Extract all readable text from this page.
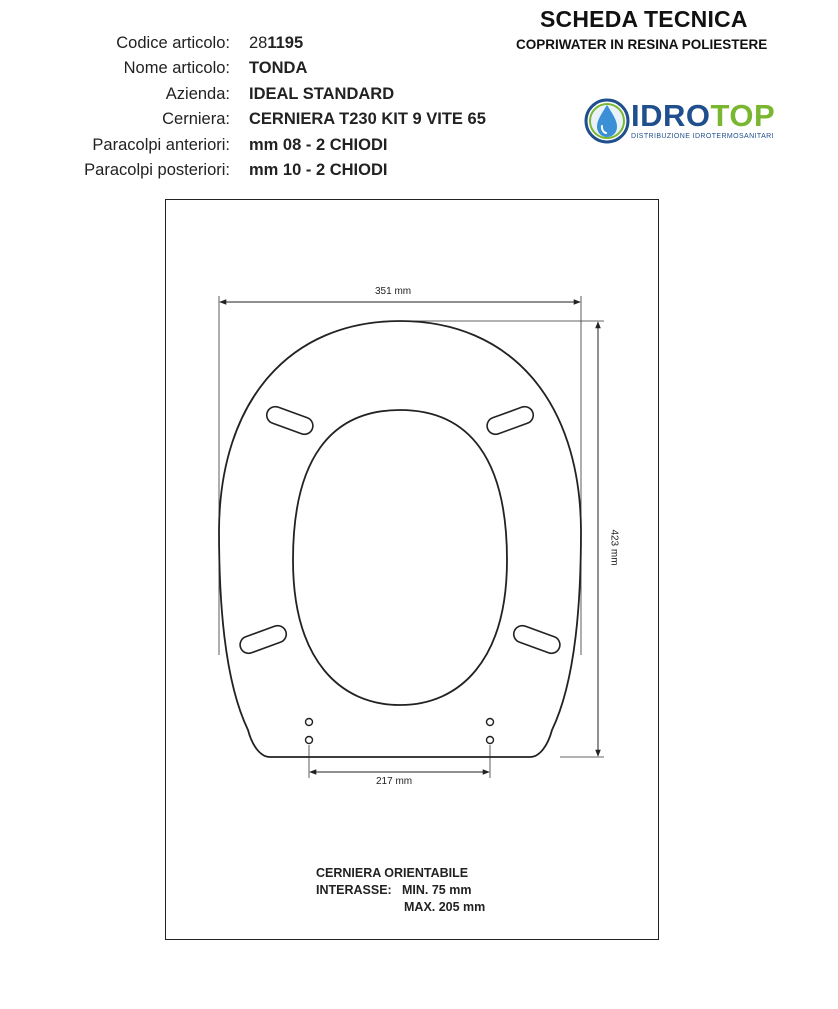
SCHEDA TECNICA
COPRIWATER IN RESINA POLIESTERE
IDROTOP
DISTRIBUZIONE IDROTERMOSANITARI
Codice articolo: 281195
Nome articolo: TONDA
Azienda: IDEAL STANDARD
Cerniera: CERNIERA T230 KIT 9 VITE 65
Paracolpi anteriori: mm 08 - 2 CHIODI
Paracolpi posteriori: mm 10 - 2 CHIODI
351 mm
423 mm
217 mm
CERNIERA ORIENTABILE
INTERASSE: MIN. 75 mm
MAX. 205 mm
